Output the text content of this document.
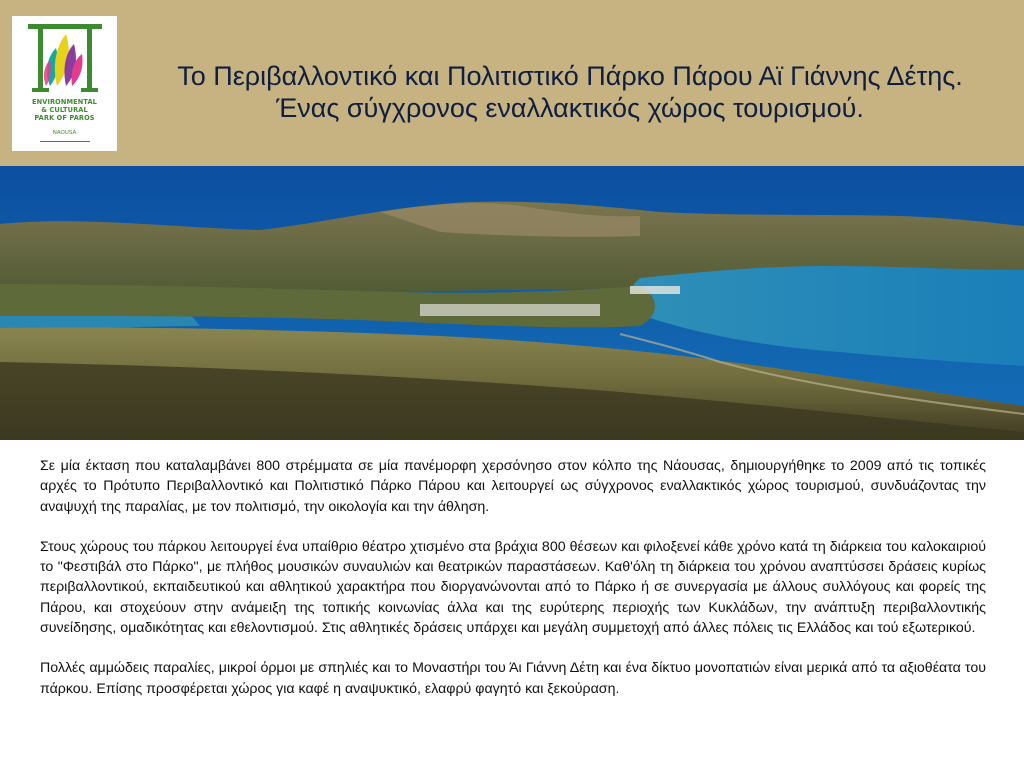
ENVIRONMENTAL
& CULTURAL
PARK OF PAROS
NAOUSA
Το Περιβαλλοντικό και Πολιτιστικό Πάρκο Πάρου Αϊ Γιάννης Δέτης.
Ένας σύγχρονος εναλλακτικός χώρος τουρισμού.

Σε μία έκταση που καταλαμβάνει 800 στρέμματα σε μία πανέμορφη χερσόνησο στον κόλπο της Νάουσας, δημιουργήθηκε το 2009 από τις τοπικές αρχές το Πρότυπο Περιβαλλοντικό και Πολιτιστικό Πάρκο Πάρου και λειτουργεί ως σύγχρονος εναλλακτικός χώρος τουρισμού, συνδυάζοντας την αναψυχή της παραλίας, με τον πολιτισμό, την οικολογία και την άθληση.

Στους χώρους του πάρκου λειτουργεί ένα υπαίθριο θέατρο χτισμένο στα βράχια 800 θέσεων και φιλοξενεί κάθε χρόνο κατά τη διάρκεια του καλοκαιριού το "Φεστιβάλ στο Πάρκο", με πλήθος μουσικών συναυλιών και θεατρικών παραστάσεων. Καθ'όλη τη διάρκεια του χρόνου αναπτύσσει δράσεις κυρίως περιβαλλοντικού, εκπαιδευτικού και αθλητικού χαρακτήρα που διοργανώνονται από το Πάρκο ή σε συνεργασία με άλλους συλλόγους και φορείς της Πάρου, και στοχεύουν στην ανάμειξη της τοπικής κοινωνίας άλλα και της ευρύτερης περιοχής των Κυκλάδων, την ανάπτυξη περιβαλλοντικής συνείδησης, ομαδικότητας και εθελοντισμού. Στις αθλητικές δράσεις υπάρχει και μεγάλη συμμετοχή από άλλες πόλεις τις Ελλάδος και τού εξωτερικού.

Πολλές αμμώδεις παραλίες, μικροί όρμοι με σπηλιές και το Μοναστήρι του Άι Γιάννη Δέτη και ένα δίκτυο μονοπατιών είναι μερικά από τα αξιοθέατα του πάρκου. Επίσης προσφέρεται χώρος για καφέ η αναψυκτικό, ελαφρύ φαγητό και ξεκούραση.
